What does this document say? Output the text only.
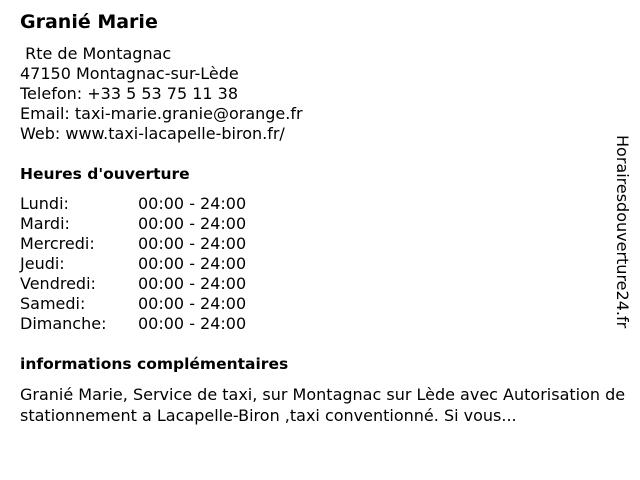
Granié Marie
Rte de Montagnac
47150 Montagnac-sur-Lède
Telefon: +33 5 53 75 11 38
Email: taxi-marie.granie@orange.fr
Web: www.taxi-lacapelle-biron.fr/
Heures d'ouverture
Lundi:	00:00 - 24:00
Mardi:	00:00 - 24:00
Mercredi:	00:00 - 24:00
Jeudi:	00:00 - 24:00
Vendredi:	00:00 - 24:00
Samedi:	00:00 - 24:00
Dimanche: 00:00 - 24:00
informations complémentaires
Granié Marie, Service de taxi, sur Montagnac sur Lède avec Autorisation de stationnement a Lacapelle-Biron ,taxi conventionné. Si vous...
Horairesdouverture24.fr
